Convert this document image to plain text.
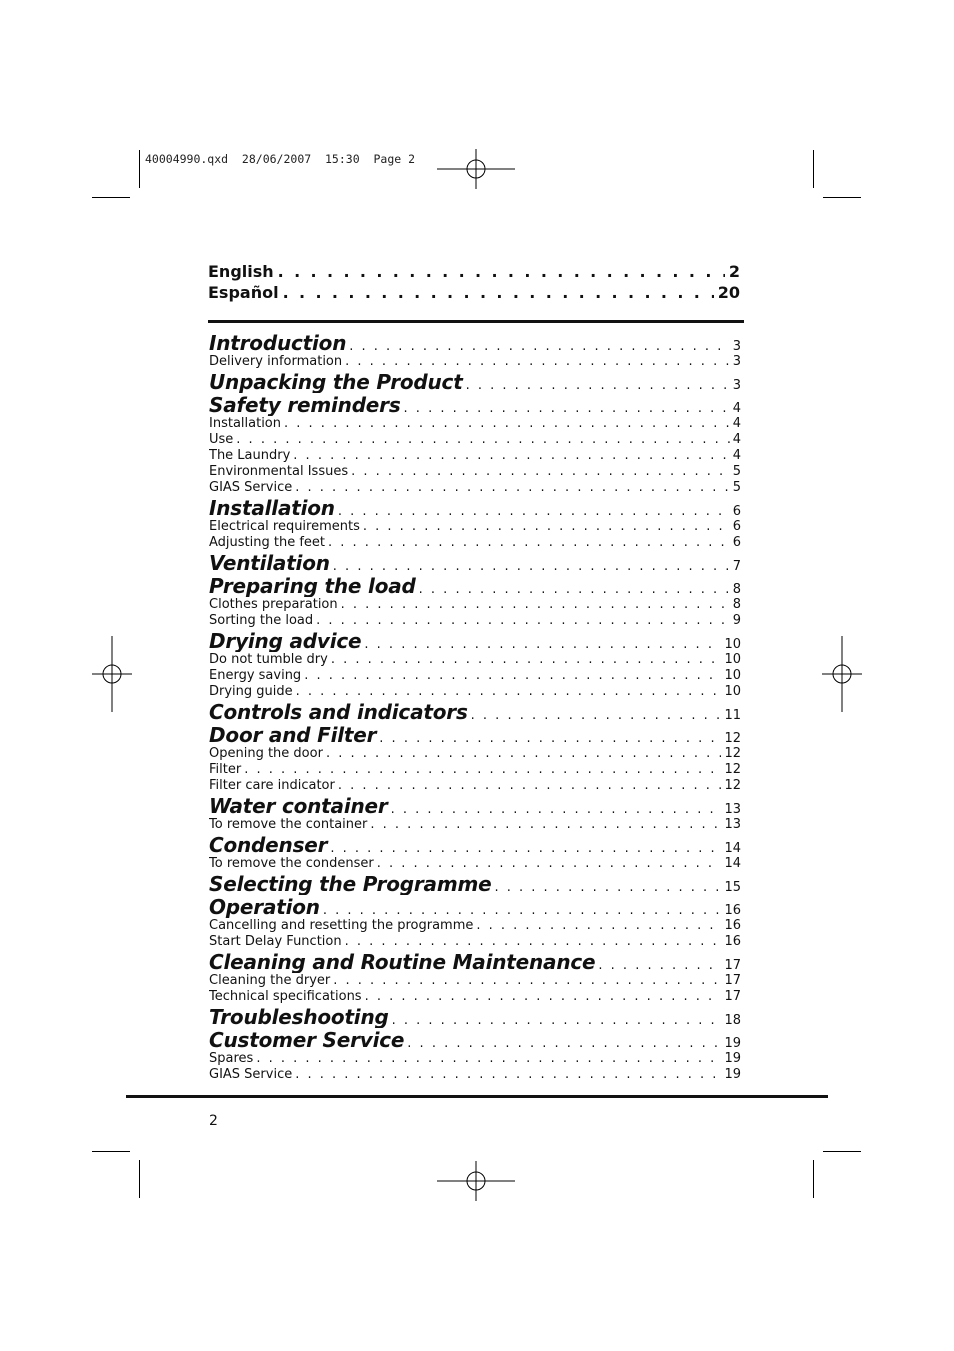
40004990.qxd  28/06/2007  15:30  Page 2
English . . .	2
Español . . .	20
Introduction . . .	3
Delivery information . . .	3
Unpacking the Product . . .	3
Safety reminders . . .	4
Installation . . .	4
Use . . .	4
The Laundry . . .	4
Environmental Issues . . .	5
GIAS Service . . .	5
Installation . . .	6
Electrical requirements . . .	6
Adjusting the feet . . .	6
Ventilation . . .	7
Preparing the load . . .	8
Clothes preparation . . .	8
Sorting the load . . .	9
Drying advice . . .	10
Do not tumble dry . . .	10
Energy saving . . .	10
Drying guide . . .	10
Controls and indicators . . .	11
Door and Filter . . .	12
Opening the door . . .	12
Filter . . .	12
Filter care indicator . . .	12
Water container . . .	13
To remove the container . . .	13
Condenser . . .	14
To remove the condenser . . .	14
Selecting the Programme . . .	15
Operation . . .	16
Cancelling and resetting the programme . . .	16
Start Delay Function . . .	16
Cleaning and Routine Maintenance . . .	17
Cleaning the dryer . . .	17
Technical specifications . . .	17
Troubleshooting . . .	18
Customer Service . . .	19
Spares . . .	19
GIAS Service . . .	19
2
